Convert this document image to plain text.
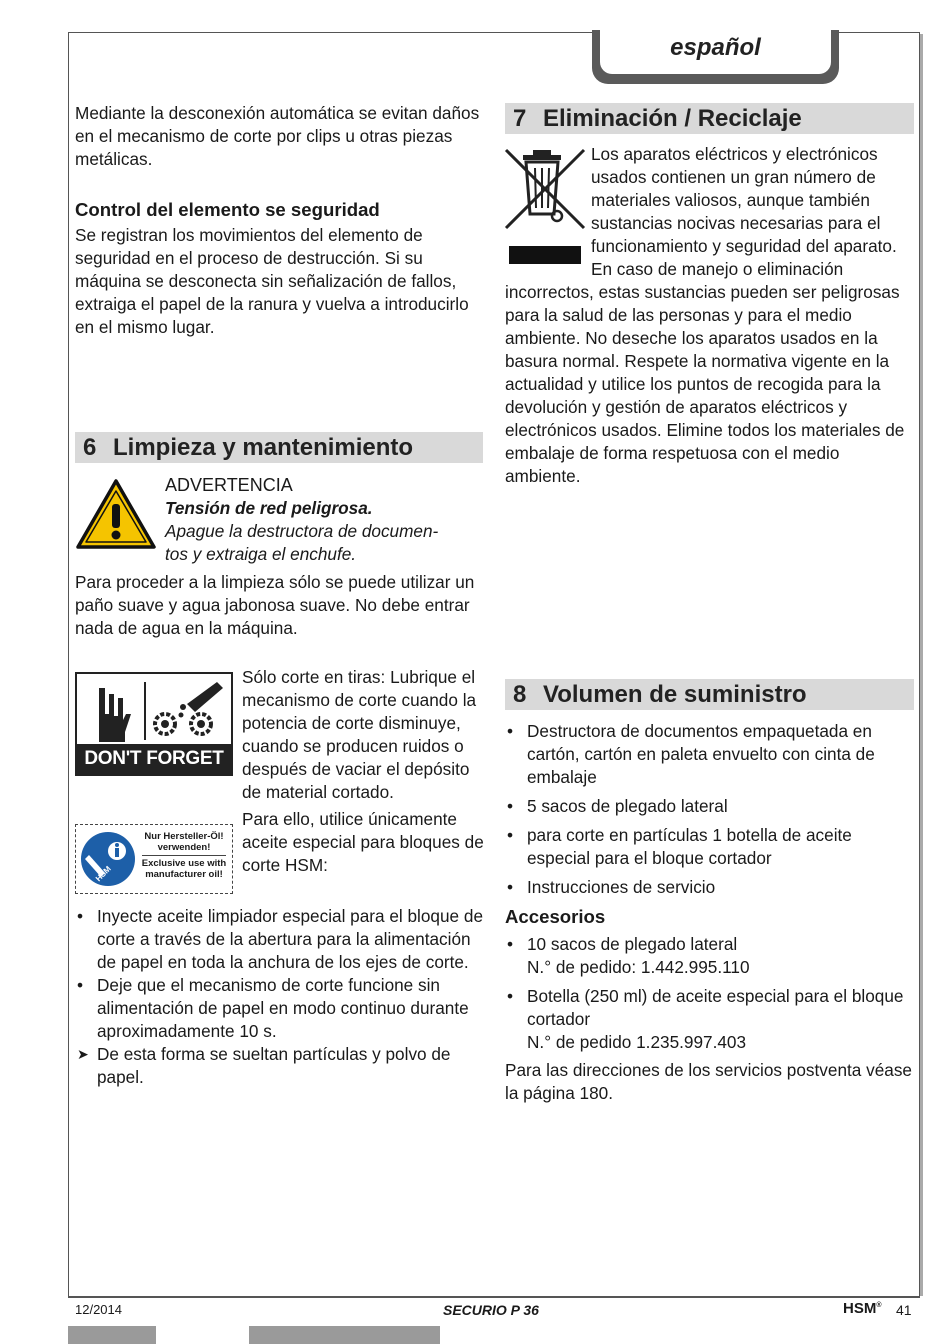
español

Mediante la desconexión automática se evitan daños en el mecanismo de corte por clips u otras piezas metálicas.

Control del elemento se seguridad

Se registran los movimientos del elemento de seguridad en el proceso de destrucción. Si su máquina se desconecta sin señalización de fallos, extraiga el papel de la ranura y vuelva a introducirlo en el mismo lugar.

6 Limpieza y mantenimiento

ADVERTENCIA

Tensión de red peligrosa.

Apague la destructora de documen-

tos y extraiga el enchufe.

Para proceder a la limpieza sólo se puede utilizar un paño suave y agua jabonosa suave. No debe entrar nada de agua en la máquina.

DON'T FORGET
HSM
Nur Hersteller-Öl!
verwenden!
Exclusive use with
manufacturer oil!

Sólo corte en tiras: Lubrique el mecanismo de corte cuando la potencia de corte disminuye, cuando se producen ruidos o después de vaciar el depósito de material cortado.

Para ello, utilice únicamente aceite especial para bloques de corte HSM:

• Inyecte aceite limpiador especial para el bloque de corte a través de la abertura para la alimentación de papel en toda la anchura de los ejes de corte.
• Deje que el mecanismo de corte funcione sin alimentación de papel en modo continuo durante aproximadamente 10 s.
➤ De esta forma se sueltan partículas y polvo de papel.
7 Eliminación / Reciclaje

Los aparatos eléctricos y electrónicos usados contienen un gran número de materiales valiosos, aunque también sustancias nocivas necesarias para el funcionamiento y seguridad del aparato. En caso de manejo o eliminación incorrectos, estas sustancias pueden ser peligrosas para la salud de las personas y para el medio ambiente. No deseche los aparatos usados en la basura normal. Respete la normativa vigente en la actualidad y utilice los puntos de recogida para la devolución y gestión de aparatos eléctricos y electrónicos usados. Elimine todos los materiales de embalaje de forma respetuosa con el medio ambiente.

8 Volumen de suministro
• Destructora de documentos empaquetada en cartón, cartón en paleta envuelto con cinta de embalaje
• 5 sacos de plegado lateral
• para corte en partículas 1 botella de aceite especial para el bloque cortador
• Instrucciones de servicio

Accesorios

• 10 sacos de plegado lateral
N.° de pedido: 1.442.995.110
• Botella (250 ml) de aceite especial para el bloque cortador
N.° de pedido 1.235.997.403

Para las direcciones de los servicios postventa véase la página 180.

12/2014	SECURIO P 36	HSM® 41
